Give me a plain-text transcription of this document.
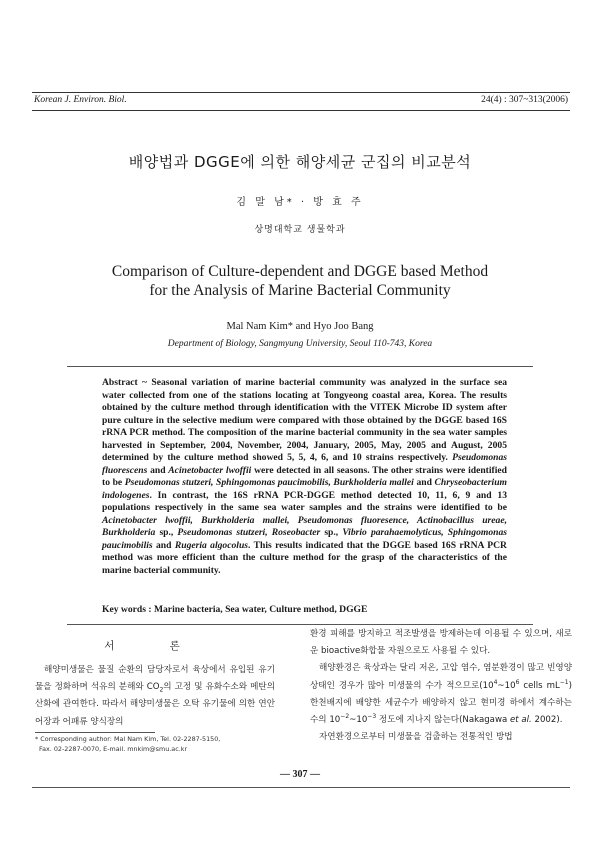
Korean J. Environ. Biol.	24(4) : 307~313(2006)
배양법과 DGGE에 의한 해양세균 군집의 비교분석
김 말 남* · 방 효 주
상명대학교 생물학과
Comparison of Culture-dependent and DGGE based Method
for the Analysis of Marine Bacterial Community
Mal Nam Kim* and Hyo Joo Bang
Department of Biology, Sangmyung University, Seoul 110-743, Korea
Abstract ~ Seasonal variation of marine bacterial community was analyzed in the surface sea water collected from one of the stations locating at Tongyeong coastal area, Korea. The results obtained by the culture method through identification with the VITEK Microbe ID system after pure culture in the selective medium were compared with those obtained by the DGGE based 16S rRNA PCR method. The composition of the marine bacterial community in the sea water samples harvested in September, 2004, November, 2004, January, 2005, May, 2005 and August, 2005 determined by the culture method showed 5, 5, 4, 6, and 10 strains respectively. Pseudomonas fluorescens and Acinetobacter lwoffii were detected in all seasons. The other strains were identified to be Pseudomonas stutzeri, Sphingomonas paucimobilis, Burkholderia mallei and Chryseobacterium indologenes. In contrast, the 16S rRNA PCR-DGGE method detected 10, 11, 6, 9 and 13 populations respectively in the same sea water samples and the strains were identified to be Acinetobacter lwoffii, Burkholderia mallei, Pseudomonas fluoresence, Actinobacillus ureae, Burkholderia sp., Pseudomonas stutzeri, Roseobacter sp., Vibrio parahaemolyticus, Sphingomonas paucimobilis and Rugeria algocolus. This results indicated that the DGGE based 16S rRNA PCR method was more efficient than the culture method for the grasp of the characteristics of the marine bacterial community.
Key words : Marine bacteria, Sea water, Culture method, DGGE
서 론
해양미생물은 물질 순환의 담당자로서 육상에서 유입된 유기물을 정화하며 석유의 분해와 $CO_2$의 고정 및 유화수소와 메탄의 산화에 관여한다. 따라서 해양미생물은 오탁 유기물에 의한 연안 어장과 어패류 양식장의
* Corresponding author: Mal Nam Kim, Tel. 02-2287-5150,
Fax. 02-2287-0070, E-mail. mnkim@smu.ac.kr
환경 피해를 방지하고 적조발생을 방제하는데 이용될 수 있으며, 새로운 bioactive화합물 자원으로도 사용될 수 있다.
해양환경은 육상과는 달리 저온, 고압 염수, 염분환경이 많고 빈영양상태인 경우가 많아 미생물의 수가 적으므로($10^4\sim 10^6$ cells $mL^{-1}$) 한천배지에 배양한 세균수가 배양하지 않고 현미경 하에서 계수하는 수의 $10^{-2}\sim 10^{-3}$ 정도에 지나지 않는다(Nakagawa et al. 2002).
자연환경으로부터 미생물을 검출하는 전통적인 방법
— 307 —
